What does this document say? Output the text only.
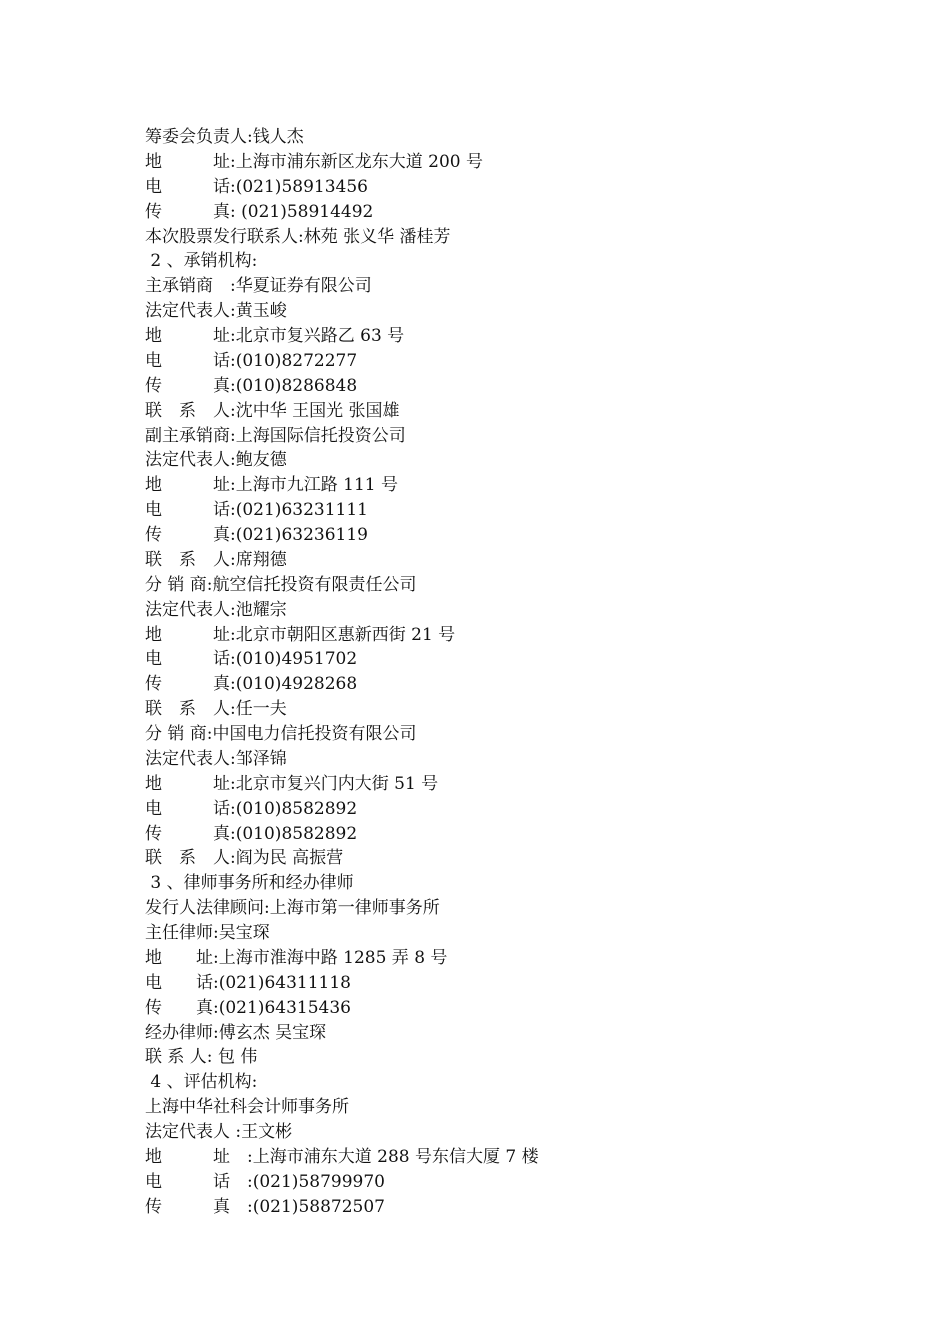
筹委会负责人:钱人杰
地　　　址:上海市浦东新区龙东大道 200 号
电　　　话:(021)58913456
传　　　真: (021)58914492
本次股票发行联系人:林苑 张义华 潘桂芳
2 、承销机构:
主承销商　:华夏证券有限公司
法定代表人:黄玉峻
地　　　址:北京市复兴路乙 63 号
电　　　话:(010)8272277
传　　　真:(010)8286848
联　系　人:沈中华 王国光 张国雄
副主承销商:上海国际信托投资公司
法定代表人:鲍友德
地　　　址:上海市九江路 111 号
电　　　话:(021)63231111
传　　　真:(021)63236119
联　系　人:席翔德
分 销 商:航空信托投资有限责任公司
法定代表人:池耀宗
地　　　址:北京市朝阳区惠新西街 21 号
电　　　话:(010)4951702
传　　　真:(010)4928268
联　系　人:任一夫
分 销 商:中国电力信托投资有限公司
法定代表人:邹泽锦
地　　　址:北京市复兴门内大街 51 号
电　　　话:(010)8582892
传　　　真:(010)8582892
联　系　人:阎为民 高振营
3 、律师事务所和经办律师
发行人法律顾问:上海市第一律师事务所
主任律师:吴宝琛
地　　址:上海市淮海中路 1285 弄 8 号
电　　话:(021)64311118
传　　真:(021)64315436
经办律师:傅玄杰 吴宝琛
联 系 人: 包 伟
4 、评估机构:
上海中华社科会计师事务所
法定代表人 :王文彬
地　　　址　:上海市浦东大道 288 号东信大厦 7 楼
电　　　话　:(021)58799970
传　　　真　:(021)58872507
